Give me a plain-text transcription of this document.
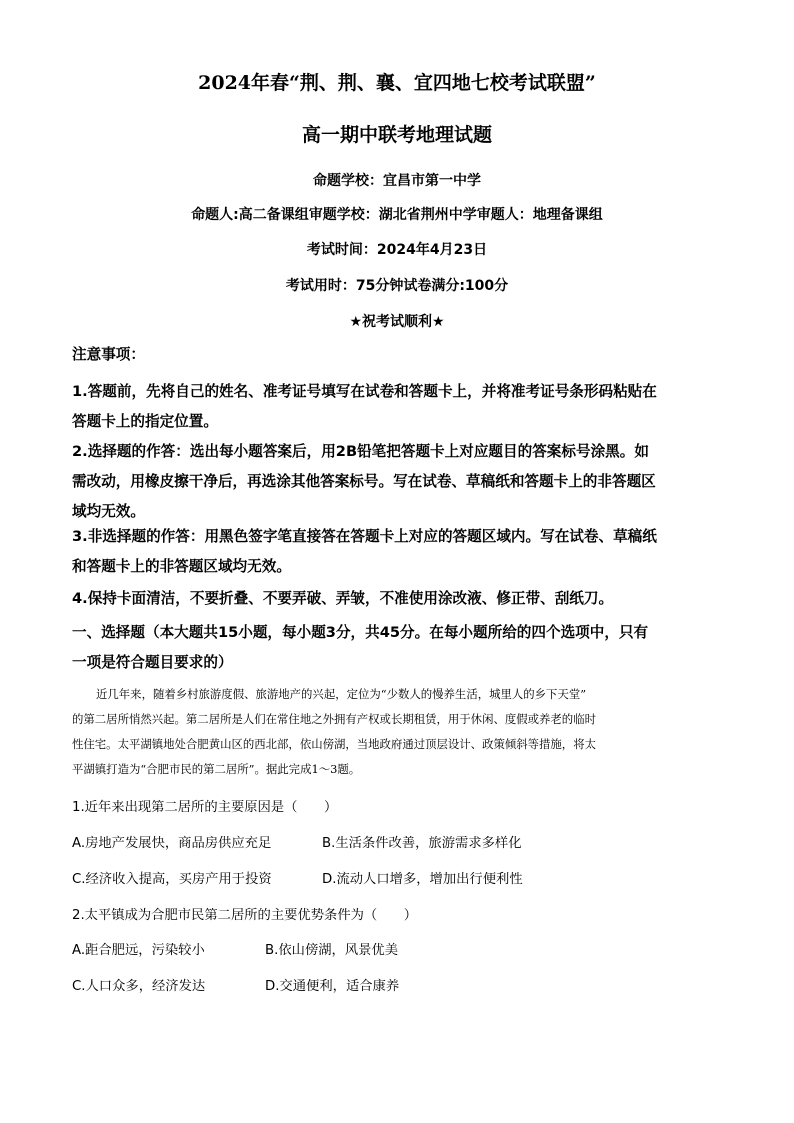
2024年春“荆、荆、襄、宜四地七校考试联盟”
高一期中联考地理试题
命题学校：宜昌市第一中学
命题人:高二备课组审题学校：湖北省荆州中学审题人：地理备课组
考试时间：2024年4月23日
考试用时：75分钟试卷满分:100分
★祝考试顺利★
注意事项：
1.答题前，先将自己的姓名、准考证号填写在试卷和答题卡上，并将准考证号条形码粘贴在
答题卡上的指定位置。
2.选择题的作答：选出每小题答案后，用2B铅笔把答题卡上对应题目的答案标号涂黑。如
需改动，用橡皮擦干净后，再选涂其他答案标号。写在试卷、草稿纸和答题卡上的非答题区
域均无效。
3.非选择题的作答：用黑色签字笔直接答在答题卡上对应的答题区域内。写在试卷、草稿纸
和答题卡上的非答题区域均无效。
4.保持卡面清洁，不要折叠、不要弄破、弄皱，不准使用涂改液、修正带、刮纸刀。
一、选择题（本大题共15小题，每小题3分，共45分。在每小题所给的四个选项中，只有
一项是符合题目要求的）
近几年来，随着乡村旅游度假、旅游地产的兴起，定位为“少数人的慢养生活，城里人的乡下天堂”
的第二居所悄然兴起。第二居所是人们在常住地之外拥有产权或长期租赁，用于休闲、度假或养老的临时
性住宅。太平湖镇地处合肥黄山区的西北部，依山傍湖，当地政府通过顶层设计、政策倾斜等措施，将太
平湖镇打造为“合肥市民的第二居所”。据此完成1～3题。
1.近年来出现第二居所的主要原因是（　　）
A.房地产发展快，商品房供应充足	B.生活条件改善，旅游需求多样化
C.经济收入提高，买房产用于投资	D.流动人口增多，增加出行便利性
2.太平镇成为合肥市民第二居所的主要优势条件为（　　）
A.距合肥远，污染较小	B.依山傍湖，风景优美
C.人口众多，经济发达	D.交通便利，适合康养
